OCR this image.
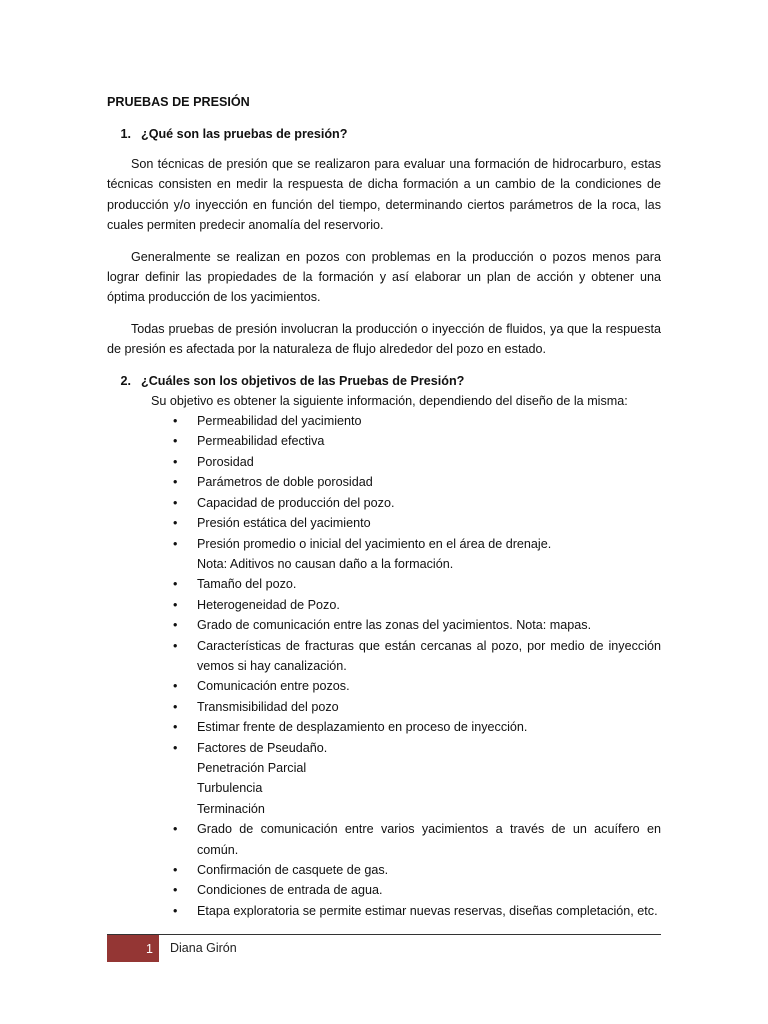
PRUEBAS DE PRESIÓN
1. ¿Qué son las pruebas de presión?

Son técnicas de presión que se realizaron para evaluar una formación de hidrocarburo, estas técnicas consisten en medir la respuesta de dicha formación a un cambio de la condiciones de producción y/o inyección en función del tiempo, determinando ciertos parámetros de la roca, las cuales permiten predecir anomalía del reservorio.

Generalmente se realizan en pozos con problemas en la producción o pozos menos para lograr definir las propiedades de la formación y así elaborar un plan de acción y obtener una óptima producción de los yacimientos.

Todas pruebas de presión involucran la producción o inyección de fluidos, ya que la respuesta de presión es afectada por la naturaleza de flujo alrededor del pozo en estado.

2. ¿Cuáles son los objetivos de las Pruebas de Presión?
Su objetivo es obtener la siguiente información, dependiendo del diseño de la misma:
• Permeabilidad del yacimiento
• Permeabilidad efectiva
• Porosidad
• Parámetros de doble porosidad
• Capacidad de producción del pozo.
• Presión estática del yacimiento
• Presión promedio o inicial del yacimiento en el área de drenaje.
Nota: Aditivos no causan daño a la formación.
• Tamaño del pozo.
• Heterogeneidad de Pozo.
• Grado de comunicación entre las zonas del yacimientos. Nota: mapas.
• Características de fracturas que están cercanas al pozo, por medio de inyección vemos si hay canalización.
• Comunicación entre pozos.
• Transmisibilidad del pozo
• Estimar frente de desplazamiento en proceso de inyección.
• Factores de Pseudaño.
Penetración Parcial
Turbulencia
Terminación
• Grado de comunicación entre varios yacimientos a través de un acuífero en común.
• Confirmación de casquete de gas.
• Condiciones de entrada de agua.
• Etapa exploratoria se permite estimar nuevas reservas, diseñas completación, etc.
1 Diana Girón
